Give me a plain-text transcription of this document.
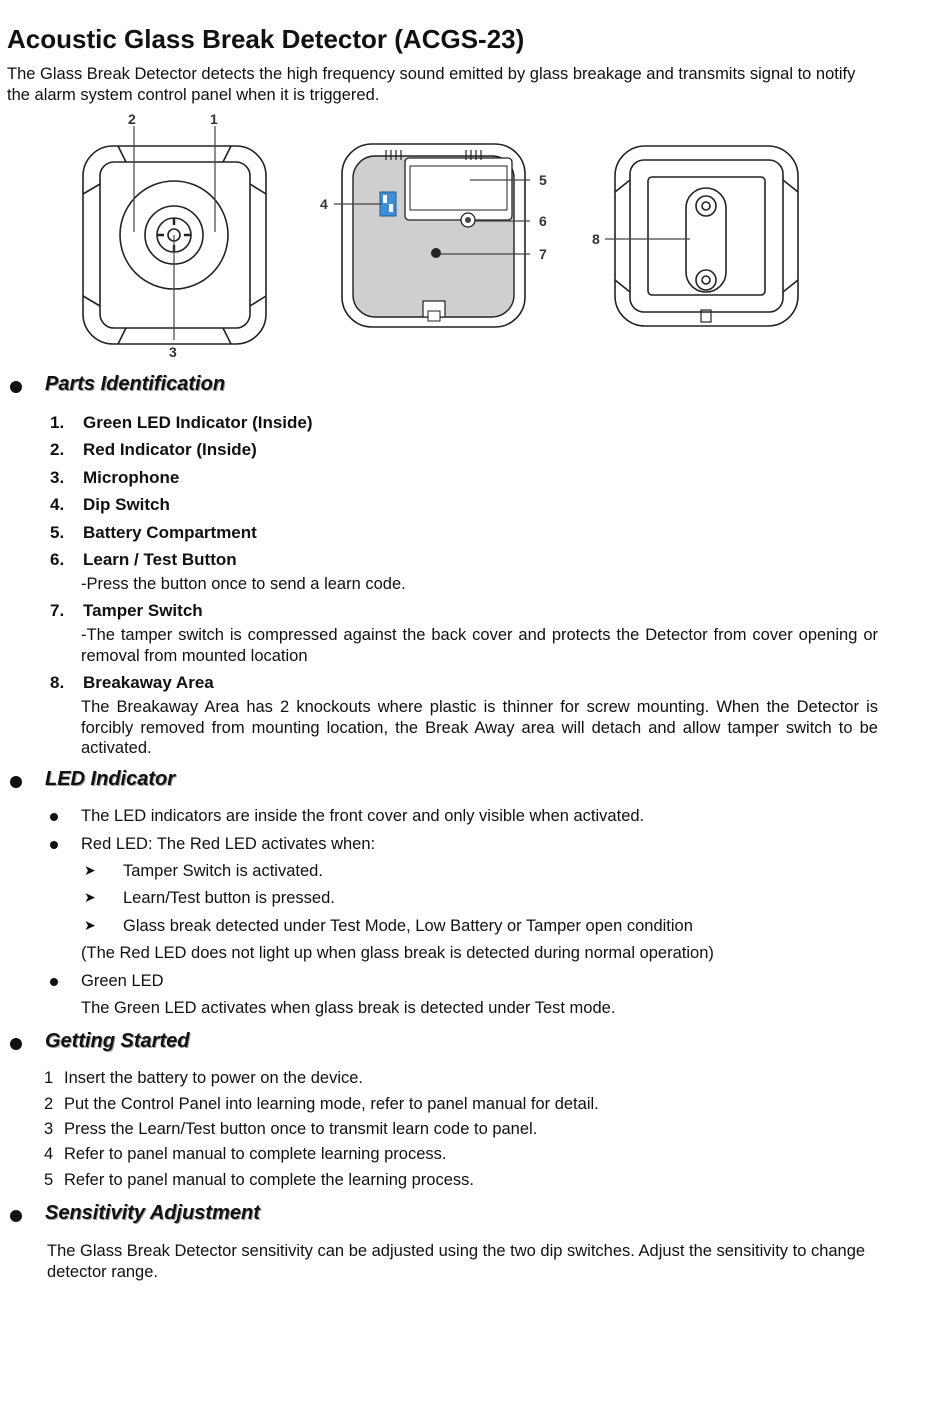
Acoustic Glass Break Detector (ACGS-23)

The Glass Break Detector detects the high frequency sound emitted by glass breakage and transmits signal to notify the alarm system control panel when it is triggered.

2	1
3
4
5
6
7
8
Parts Identification
1. Green LED Indicator (Inside)
2. Red Indicator (Inside)
3. Microphone
4. Dip Switch
5. Battery Compartment
6. Learn / Test Button

-Press the button once to send a learn code.

7. Tamper Switch

-The tamper switch is compressed against the back cover and protects the Detector from cover opening or removal from mounted location

8. Breakaway Area

The Breakaway Area has 2 knockouts where plastic is thinner for screw mounting. When the Detector is forcibly removed from mounting location, the Break Away area will detach and allow tamper switch to be activated.

LED Indicator
The LED indicators are inside the front cover and only visible when activated.
Red LED: The Red LED activates when:
➤ Tamper Switch is activated.
➤ Learn/Test button is pressed.
➤ Glass break detected under Test Mode, Low Battery or Tamper open condition
(The Red LED does not light up when glass break is detected during normal operation)
Green LED
The Green LED activates when glass break is detected under Test mode.
Getting Started
1 Insert the battery to power on the device.
2 Put the Control Panel into learning mode, refer to panel manual for detail.
3 Press the Learn/Test button once to transmit learn code to panel.
4 Refer to panel manual to complete learning process.
5 Refer to panel manual to complete the learning process.
Sensitivity Adjustment

The Glass Break Detector sensitivity can be adjusted using the two dip switches. Adjust the sensitivity to change detector range.
